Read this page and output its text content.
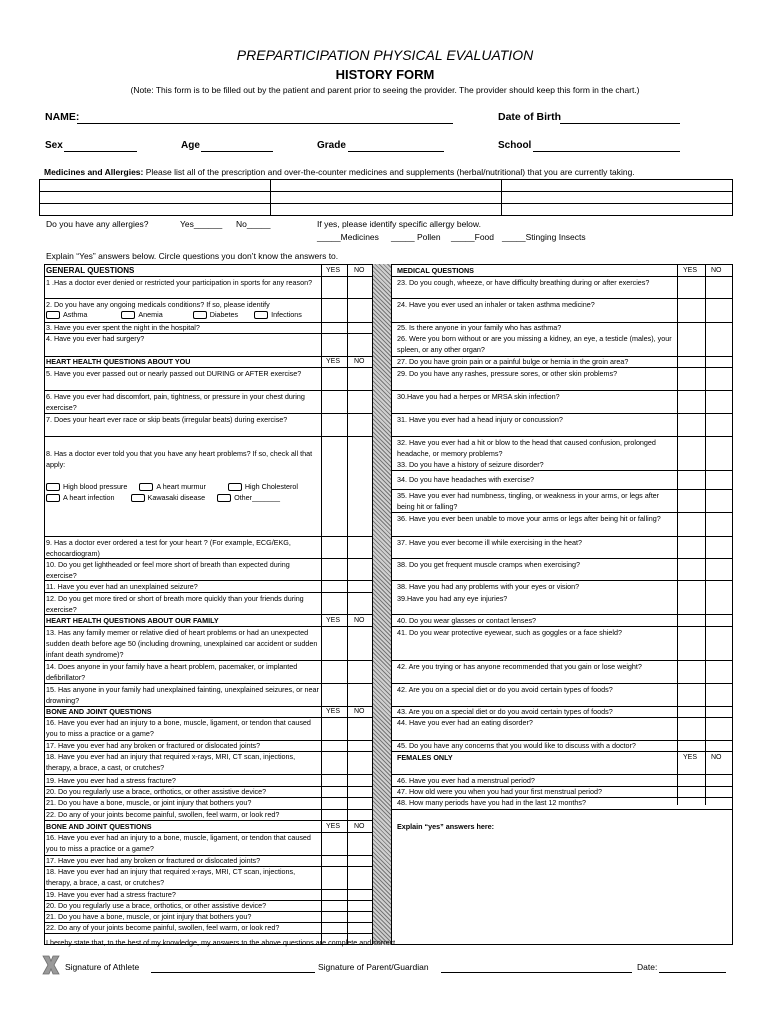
PREPARTICIPATION PHYSICAL EVALUATION
HISTORY FORM
(Note: This form is to be filled out by the patient and parent prior to seeing the provider. The provider should keep this form in the chart.)
NAME:	Date of Birth
Sex	Age	Grade	School
Medicines and Allergies: Please list all of the prescription and over-the-counter medicines and supplements (herbal/nutritional) that you are currently taking.

Do you have any allergies?	Yes______ No_____	If yes, please identify specific allergy below.
_____Medicines _____ Pollen _____Food _____Stinging Insects
Explain “Yes” answers below. Circle questions you don’t know the answers to.
YES NO	YES NO
GENERAL QUESTIONS
1 .Has a doctor ever denied or restricted your participation in sports for any reason?
2. Do you have any ongoing medicals conditions? If so, please identify
Asthma	Anemia	Diabetes	Infections
3. Have you ever spent the night in the hospital?
4. Have you ever had surgery?
HEART HEALTH QUESTIONS ABOUT YOU	YES NO
5. Have you ever passed out or nearly passed out DURING or AFTER exercise?
6. Have you ever had discomfort, pain, tightness, or pressure in your chest during exercise?
7. Does your heart ever race or skip beats (irregular beats) during exercise?
8. Has a doctor ever told you that you have any heart problems? If so, check all that apply:
High blood pressure	A heart murmur	High Cholesterol
A heart infection	Kawasaki disease	Other_______
9. Has a doctor ever ordered a test for your heart ? (For example, ECG/EKG, echocardiogram)
10. Do you get lightheaded or feel more short of breath than expected during exercise?
11. Have you ever had an unexplained seizure?
12. Do you get more tired or short of breath more quickly than your friends during exercise?
HEART HEALTH QUESTIONS ABOUT OUR FAMILY	YES NO
13. Has any family memer or relative died of heart problems or had an unexpected sudden death before age 50 (including drowning, unexplained car accident or sudden infant death syndrome)?
14. Does anyone in your family have a heart problem, pacemaker, or implanted defibrillator?
15. Has anyone in your family had unexplained fainting, unexplained seizures, or near drowning?
BONE AND JOINT QUESTIONS	YES NO
16. Have you ever had an injury to a bone, muscle, ligament, or tendon that caused you to miss a practice or a game?
17. Have you ever had any broken or fractured or dislocated joints?
18. Have you ever had an injury that required x-rays, MRI, CT scan, injections, therapy, a brace, a cast, or crutches?
19. Have you ever had a stress fracture?
20. Do you regularly use a brace, orthotics, or other assistive device?
21. Do you have a bone, muscle, or joint injury that bothers you?
22. Do any of your joints become painful, swollen, feel warm, or look red?
BONE AND JOINT QUESTIONS	YES NO
16. Have you ever had an injury to a bone, muscle, ligament, or tendon that caused you to miss a practice or a game?
17. Have you ever had any broken or fractured or dislocated joints?
18. Have you ever had an injury that required x-rays, MRI, CT scan, injections, therapy, a brace, a cast, or crutches?
19. Have you ever had a stress fracture?
20. Do you regularly use a brace, orthotics, or other assistive device?
21. Do you have a bone, muscle, or joint injury that bothers you?
22. Do any of your joints become painful, swollen, feel warm, or look red?
MEDICAL QUESTIONS
23. Do you cough, wheeze, or have difficulty breathing during or after exercies?
24. Have you ever used an inhaler or taken asthma medicine?
25. Is there anyone in your family who has asthma?
26. Were you born without or are you missing a kidney, an eye, a testicle (males), your spleen, or any other organ?
27. Do you have groin pain or a painful bulge or hernia in the groin area?
29. Do you have any rashes, pressure sores, or other skin problems?
30.Have you had a herpes or MRSA skin infection?
31. Have you ever had a head injury or concussion?
32. Have you ever had a hit or blow to the head that caused confusion, prolonged headache, or memory problems?
33. Do you have a history of seizure disorder?
34. Do you have headaches with exercise?
35. Have you ever had numbness, tingling, or weakness in your arms, or legs after being hit or falling?
36. Have you ever been unable to move your arms or legs after being hit or falling?
37. Have you ever become ill while exercising in the heat?
38. Do you get frequent muscle cramps when exercising?
38. Have you had any problems with your eyes or vision?
39.Have you had any eye injuries?
40. Do you wear glasses or contact lenses?
41. Do you wear protective eyewear, such as goggles or a face shield?
42. Are you trying or has anyone recommended that you gain or lose weight?
42. Are you on a special diet or do you avoid certain types of foods?
43. Are you on a special diet or do you avoid certain types of foods?
44. Have you ever had an eating disorder?
45. Do you have any concerns that you would like to discuss with a doctor?
FEMALES ONLY	YES NO
46. Have you ever had a menstrual period?
47. How old were you when you had your first menstrual period?
48. How many periods have you had in the last 12 months?
Explain “yes” answers here:
I hereby state that, to the best of my knowledge, my answers to the above questions are complete and correct.
Signature of Athlete	Signature of Parent/Guardian	Date:
